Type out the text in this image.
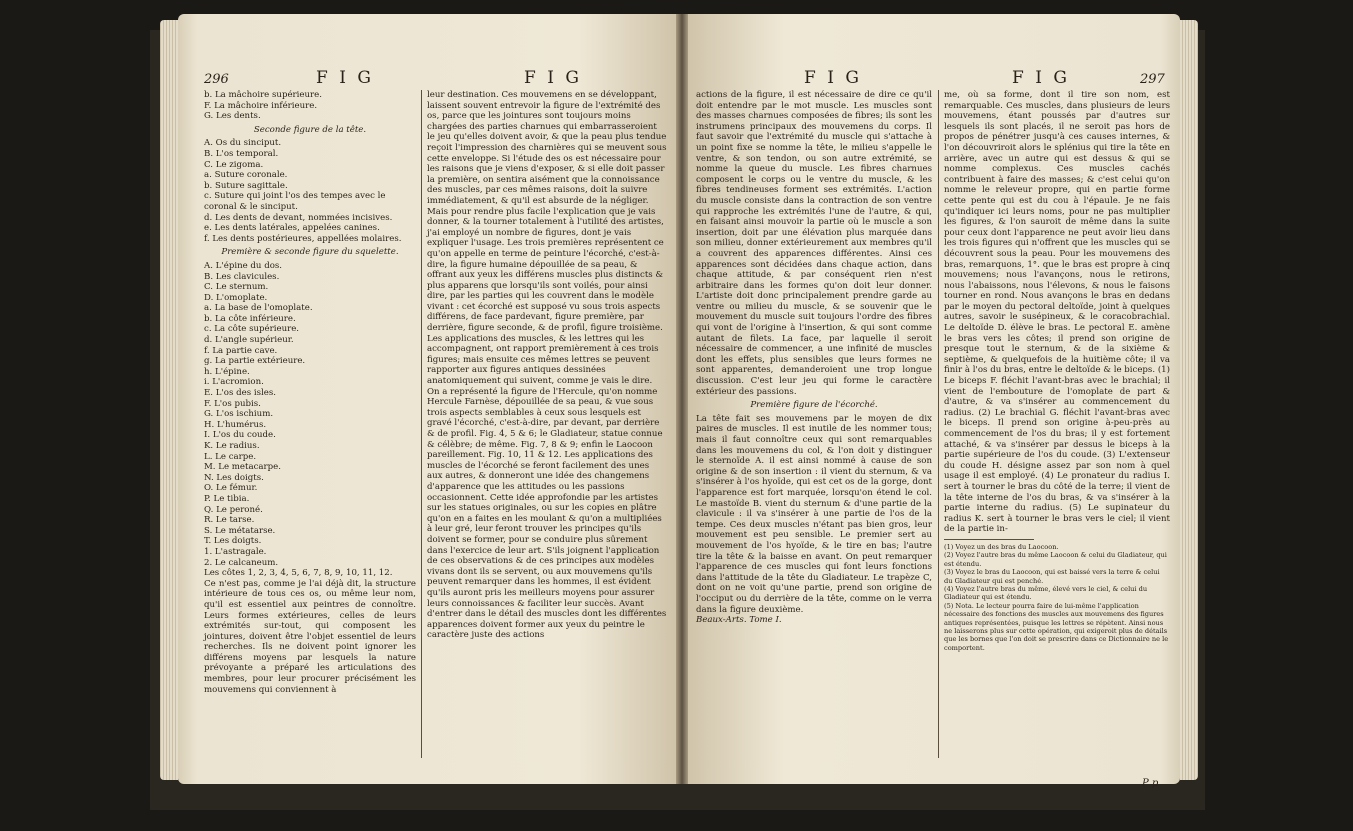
296	F I G	F I G

b. La mâchoire supérieure.

F. La mâchoire inférieure.

G. Les dents.

Seconde figure de la tête.

A. Os du sinciput.

B. L'os temporal.

C. Le zigoma.

a. Suture coronale.

b. Suture sagittale.

c. Suture qui joint l'os des tempes avec le coronal & le sinciput.

d. Les dents de devant, nommées incisives.

e. Les dents latérales, appelées canines.

f. Les dents postérieures, appellées molaires.

Première & seconde figure du squelette.

A. L'épine du dos.

B. Les clavicules.

C. Le sternum.

D. L'omoplate.

a. La base de l'omoplate.

b. La côte inférieure.

c. La côte supérieure.

d. L'angle supérieur.

f. La partie cave.

g. La partie extérieure.

h. L'épine.

i. L'acromion.

E. L'os des isles.

F. L'os pubis.

G. L'os ischium.

H. L'humérus.

I. L'os du coude.

K. Le radius.

L. Le carpe.

M. Le metacarpe.

N. Les doigts.

O. Le fémur.

P. Le tibia.

Q. Le peroné.

R. Le tarse.

S. Le métatarse.

T. Les doigts.

1. L'astragale.

2. Le calcaneum.

Les côtes 1, 2, 3, 4, 5, 6, 7, 8, 9, 10, 11, 12.

Ce n'est pas, comme je l'ai déjà dit, la structure intérieure de tous ces os, ou même leur nom, qu'il est essentiel aux peintres de connoître. Leurs formes extérieures, celles de leurs extrémités sur-tout, qui composent les jointures, doivent être l'objet essentiel de leurs recherches. Ils ne doivent point ignorer les différens moyens par lesquels la nature prévoyante a préparé les articulations des membres, pour leur procurer précisément les mouvemens qui conviennent à

leur destination. Ces mouvemens en se développant, laissent souvent entrevoir la figure de l'extrémité des os, parce que les jointures sont toujours moins chargées des parties charnues qui embarrasseroient le jeu qu'elles doivent avoir, & que la peau plus tendue reçoit l'impression des charnières qui se meuvent sous cette enveloppe. Si l'étude des os est nécessaire pour les raisons que je viens d'exposer, & si elle doit passer la première, on sentira aisément que la connoissance des muscles, par ces mêmes raisons, doit la suivre immédiatement, & qu'il est absurde de la négliger. Mais pour rendre plus facile l'explication que je vais donner, & la tourner totalement à l'utilité des artistes, j'ai employé un nombre de figures, dont je vais expliquer l'usage. Les trois premières représentent ce qu'on appelle en terme de peinture l'écorché, c'est-à-dire, la figure humaine dépouillée de sa peau, & offrant aux yeux les différens muscles plus distincts & plus apparens que lorsqu'ils sont voilés, pour ainsi dire, par les parties qui les couvrent dans le modèle vivant : cet écorché est supposé vu sous trois aspects différens, de face pardevant, figure première, par derrière, figure seconde, & de profil, figure troisième. Les applications des muscles, & les lettres qui les accompagnent, ont rapport premièrement à ces trois figures; mais ensuite ces mêmes lettres se peuvent rapporter aux figures antiques dessinées anatomiquement qui suivent, comme je vais le dire. On a représenté la figure de l'Hercule, qu'on nomme Hercule Farnèse, dépouillée de sa peau, & vue sous trois aspects semblables à ceux sous lesquels est gravé l'écorché, c'est-à-dire, par devant, par derrière & de profil. Fig. 4, 5 & 6; le Gladiateur, statue connue & célèbre; de même. Fig. 7, 8 & 9; enfin le Laocoon pareillement. Fig. 10, 11 & 12. Les applications des muscles de l'écorché se feront facilement des unes aux autres, & donneront une idée des changemens d'apparence que les attitudes ou les passions occasionnent. Cette idée approfondie par les artistes sur les statues originales, ou sur les copies en plâtre qu'on en a faites en les moulant & qu'on a multipliées à leur gré, leur feront trouver les principes qu'ils doivent se former, pour se conduire plus sûrement dans l'exercice de leur art. S'ils joignent l'application de ces observations & de ces principes aux modèles vivans dont ils se servent, ou aux mouvemens qu'ils peuvent remarquer dans les hommes, il est évident qu'ils auront pris les meilleurs moyens pour assurer leurs connoissances & faciliter leur succès. Avant d'entrer dans le détail des muscles dont les différentes apparences doivent former aux yeux du peintre le caractère juste des actions
F I G	F I G	297

actions de la figure, il est nécessaire de dire ce qu'il doit entendre par le mot muscle. Les muscles sont des masses charnues composées de fibres; ils sont les instrumens principaux des mouvemens du corps. Il faut savoir que l'extrémité du muscle qui s'attache à un point fixe se nomme la tête, le milieu s'appelle le ventre, & son tendon, ou son autre extrémité, se nomme la queue du muscle. Les fibres charnues composent le corps ou le ventre du muscle, & les fibres tendineuses forment ses extrémités. L'action du muscle consiste dans la contraction de son ventre qui rapproche les extrémités l'une de l'autre, & qui, en faisant ainsi mouvoir la partie où le muscle a son insertion, doit par une élévation plus marquée dans son milieu, donner extérieurement aux membres qu'il a couvrent des apparences différentes. Ainsi ces apparences sont décidées dans chaque action, dans chaque attitude, & par conséquent rien n'est arbitraire dans les formes qu'on doit leur donner. L'artiste doit donc principalement prendre garde au ventre ou milieu du muscle, & se souvenir que le mouvement du muscle suit toujours l'ordre des fibres qui vont de l'origine à l'insertion, & qui sont comme autant de filets. La face, par laquelle il seroit nécessaire de commencer, a une infinité de muscles dont les effets, plus sensibles que leurs formes ne sont apparentes, demanderoient une trop longue discussion. C'est leur jeu qui forme le caractère extérieur des passions.

Première figure de l'écorché.

La tête fait ses mouvemens par le moyen de dix paires de muscles. Il est inutile de les nommer tous; mais il faut connoître ceux qui sont remarquables dans les mouvemens du col, & l'on doit y distinguer le sternoïde A. il est ainsi nommé à cause de son origine & de son insertion : il vient du sternum, & va s'insérer à l'os hyoïde, qui est cet os de la gorge, dont l'apparence est fort marquée, lorsqu'on étend le col. Le mastoïde B. vient du sternum & d'une partie de la clavicule : il va s'insérer à une partie de l'os de la tempe. Ces deux muscles n'étant pas bien gros, leur mouvement est peu sensible. Le premier sert au mouvement de l'os hyoïde, & le tire en bas; l'autre tire la tête & la baisse en avant. On peut remarquer l'apparence de ces muscles qui font leurs fonctions dans l'attitude de la tête du Gladiateur. Le trapèze C, dont on ne voit qu'une partie, prend son origine de l'occiput ou du derrière de la tête, comme on le verra dans la figure deuxième.

Beaux-Arts. Tome I.

me, où sa forme, dont il tire son nom, est remarquable. Ces muscles, dans plusieurs de leurs mouvemens, étant poussés par d'autres sur lesquels ils sont placés, il ne seroit pas hors de propos de pénétrer jusqu'à ces causes internes, & l'on découvriroit alors le splénius qui tire la tête en arrière, avec un autre qui est dessus & qui se nomme complexus. Ces muscles cachés contribuent à faire des masses; & c'est celui qu'on nomme le releveur propre, qui en partie forme cette pente qui est du cou à l'épaule. Je ne fais qu'indiquer ici leurs noms, pour ne pas multiplier les figures, & l'on sauroit de même dans la suite pour ceux dont l'apparence ne peut avoir lieu dans les trois figures qui n'offrent que les muscles qui se découvrent sous la peau. Pour les mouvemens des bras, remarquons, 1°. que le bras est propre à cinq mouvemens; nous l'avançons, nous le retirons, nous l'abaissons, nous l'élevons, & nous le faisons tourner en rond. Nous avançons le bras en dedans par le moyen du pectoral deltoïde, joint à quelques autres, savoir le susépineux, & le coracobrachial. Le deltoïde D. élève le bras. Le pectoral E. amène le bras vers les côtes; il prend son origine de presque tout le sternum, & de la sixième & septième, & quelquefois de la huitième côte; il va finir à l'os du bras, entre le deltoïde & le biceps. (1) Le biceps F. fléchit l'avant-bras avec le brachial; il vient de l'embouture de l'omoplate de part & d'autre, & va s'insérer au commencement du radius. (2) Le brachial G. fléchit l'avant-bras avec le biceps. Il prend son origine à-peu-près au commencement de l'os du bras; il y est fortement attaché, & va s'insérer par dessus le biceps à la partie supérieure de l'os du coude. (3) L'extenseur du coude H. désigne assez par son nom à quel usage il est employé. (4) Le pronateur du radius I. sert à tourner le bras du côté de la terre; il vient de la tête interne de l'os du bras, & va s'insérer à la partie interne du radius. (5) Le supinateur du radius K. sert à tourner le bras vers le ciel; il vient de la partie in-

(1) Voyez un des bras du Laocoon.

(2) Voyez l'autre bras du même Laocoon & celui du Gladiateur, qui est étendu.

(3) Voyez le bras du Laocoon, qui est baissé vers la terre & celui du Gladiateur qui est penché.

(4) Voyez l'autre bras du même, élevé vers le ciel, & celui du Gladiateur qui est étendu.

(5) Nota. Le lecteur pourra faire de lui-même l'application nécessaire des fonctions des muscles aux mouvemens des figures antiques représentées, puisque les lettres se répètent. Ainsi nous ne laisserons plus sur cette opération, qui exigeroit plus de détails que les bornes que l'on doit se prescrire dans ce Dictionnaire ne le comportent.

P p
